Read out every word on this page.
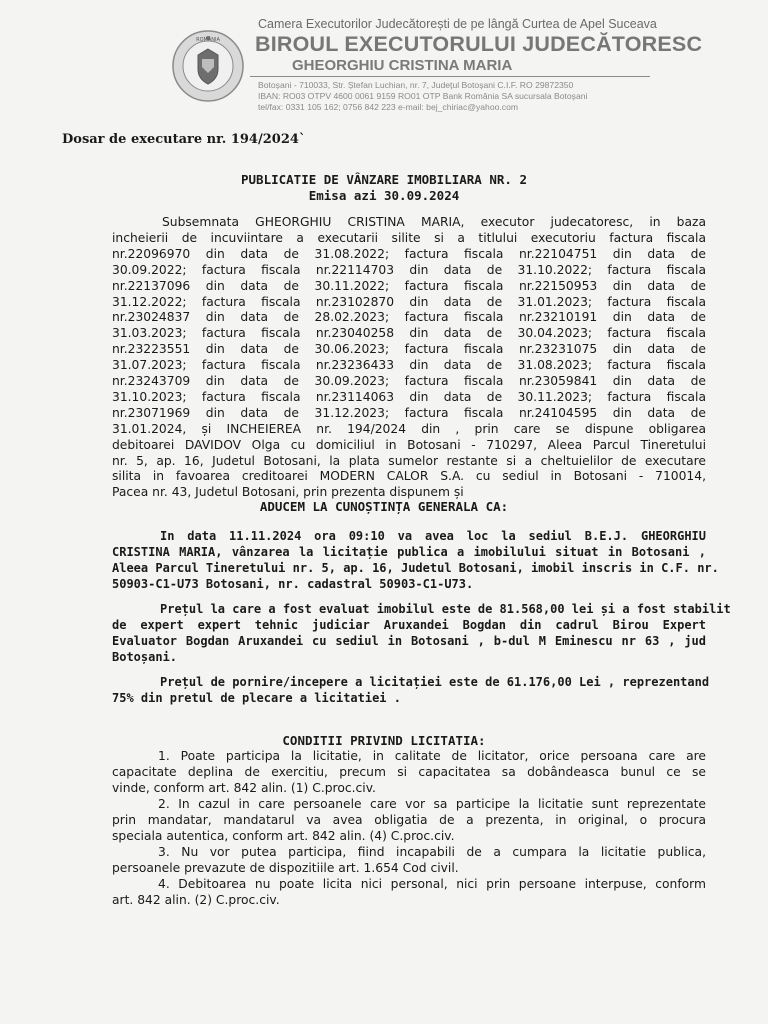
ROMÂNIA
Camera Executorilor Judecătorești de pe lângă Curtea de Apel Suceava
BIROUL EXECUTORULUI JUDECĂTORESC
GHEORGHIU CRISTINA MARIA
Botoșani - 710033, Str. Ștefan Luchian, nr. 7, Județul Botoșani C.I.F. RO 29872350
IBAN: RO03 OTPV 4600 0061 9159 RO01 OTP Bank România SA sucursala Botoșani
tel/fax: 0331 105 162; 0756 842 223 e-mail: bej_chiriac@yahoo.com
Dosar de executare nr. 194/2024`
PUBLICATIE DE VÂNZARE IMOBILIARA NR. 2
Emisa azi 30.09.2024
Subsemnata GHEORGHIU CRISTINA MARIA, executor judecatoresc, in baza
incheierii de incuviintare a executarii silite si a titlului executoriu factura fiscala
nr.22096970 din data de 31.08.2022; factura fiscala nr.22104751 din data de
30.09.2022; factura fiscala nr.22114703 din data de 31.10.2022; factura fiscala
nr.22137096 din data de 30.11.2022; factura fiscala nr.22150953 din data de
31.12.2022; factura fiscala nr.23102870 din data de 31.01.2023; factura fiscala
nr.23024837 din data de 28.02.2023; factura fiscala nr.23210191 din data de
31.03.2023; factura fiscala nr.23040258 din data de 30.04.2023; factura fiscala
nr.23223551 din data de 30.06.2023; factura fiscala nr.23231075 din data de
31.07.2023; factura fiscala nr.23236433 din data de 31.08.2023; factura fiscala
nr.23243709 din data de 30.09.2023; factura fiscala nr.23059841 din data de
31.10.2023; factura fiscala nr.23114063 din data de 30.11.2023; factura fiscala
nr.23071969 din data de 31.12.2023; factura fiscala nr.24104595 din data de
31.01.2024, și INCHEIEREA nr. 194/2024 din , prin care se dispune obligarea
debitoarei DAVIDOV Olga cu domiciliul in Botosani - 710297, Aleea Parcul Tineretului
nr. 5, ap. 16, Judetul Botosani, la plata sumelor restante si a cheltuielilor de executare
silita in favoarea creditoarei MODERN CALOR S.A. cu sediul in Botosani - 710014,
Pacea nr. 43, Judetul Botosani, prin prezenta dispunem și
ADUCEM LA CUNOȘTINȚA GENERALA CA:
In data 11.11.2024 ora 09:10 va avea loc la sediul B.E.J. GHEORGHIU
CRISTINA MARIA, vânzarea la licitație publica a imobilului situat in Botosani ,
Aleea Parcul Tineretului nr. 5, ap. 16, Judetul Botosani, imobil inscris in C.F. nr.
50903-C1-U73 Botosani, nr. cadastral 50903-C1-U73.
Prețul la care a fost evaluat imobilul este de 81.568,00 lei și a fost stabilit
de expert expert tehnic judiciar Aruxandei Bogdan din cadrul Birou Expert
Evaluator Bogdan Aruxandei cu sediul in Botosani , b-dul M Eminescu nr 63 , jud
Botoșani.
Prețul de pornire/incepere a licitației este de 61.176,00 Lei , reprezentand
75% din pretul de plecare a licitatiei .
CONDITII PRIVIND LICITATIA:
1. Poate participa la licitatie, in calitate de licitator, orice persoana care are
capacitate deplina de exercitiu, precum si capacitatea sa dobândeasca bunul ce se
vinde, conform art. 842 alin. (1) C.proc.civ.
2. In cazul in care persoanele care vor sa participe la licitatie sunt reprezentate
prin mandatar, mandatarul va avea obligatia de a prezenta, in original, o procura
speciala autentica, conform art. 842 alin. (4) C.proc.civ.
3. Nu vor putea participa, fiind incapabili de a cumpara la licitatie publica,
persoanele prevazute de dispozitiile art. 1.654 Cod civil.
4. Debitoarea nu poate licita nici personal, nici prin persoane interpuse, conform
art. 842 alin. (2) C.proc.civ.
